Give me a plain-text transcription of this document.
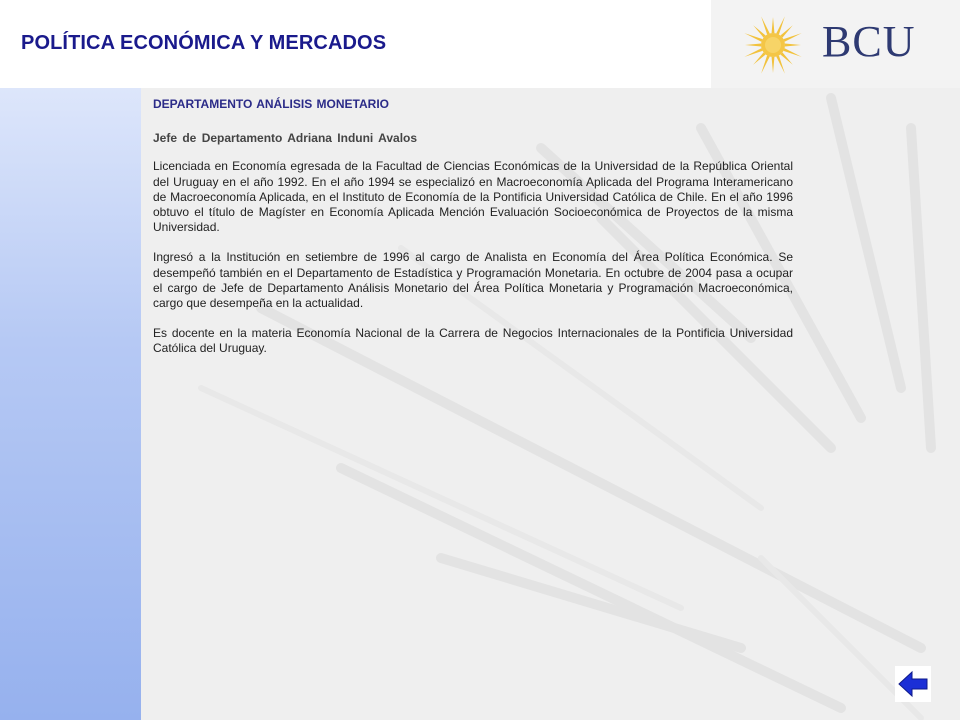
POLÍTICA ECONÓMICA Y MERCADOS	BCU

DEPARTAMENTO ANÁLISIS MONETARIO

Jefe de Departamento Adriana Induni Avalos

Licenciada en Economía egresada de la Facultad de Ciencias Económicas de la Universidad de la República Oriental del Uruguay en el año 1992. En el año 1994 se especializó en Macroeconomía Aplicada del Programa Interamericano de Macroeconomía Aplicada, en el Instituto de Economía de la Pontificia Universidad Católica de Chile. En el año 1996 obtuvo el título de Magíster en Economía Aplicada Mención Evaluación Socioeconómica de Proyectos de la misma Universidad.

Ingresó a la Institución en setiembre de 1996 al cargo de Analista en Economía del Área Política Económica. Se desempeñó también en el Departamento de Estadística y Programación Monetaria. En octubre de 2004 pasa a ocupar el cargo de Jefe de Departamento Análisis Monetario del Área Política Monetaria y Programación Macroeconómica, cargo que desempeña en la actualidad.

Es docente en la materia Economía Nacional de la Carrera de Negocios Internacionales de la Pontificia Universidad Católica del Uruguay.
